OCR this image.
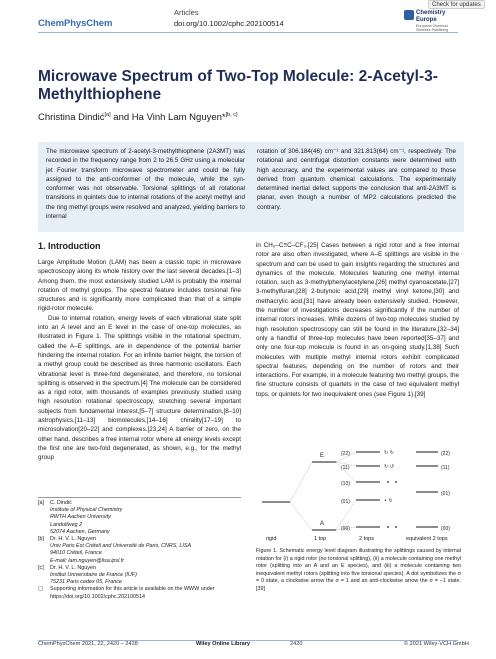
ChemPhysChem
Articles
doi.org/10.1002/cphc.202100514
Chemistry
Europe
European Chemical
Societies Publishing
Check for updates
Microwave Spectrum of Two-Top Molecule: 2-Acetyl-3-Methylthiophene
Christina Dindić[a] and Ha Vinh Lam Nguyen*[b, c]
The microwave spectrum of 2-acetyl-3-methylthiophene (2A3MT) was recorded in the frequency range from 2 to 26.5 GHz using a molecular jet Fourier transform microwave spectrometer and could be fully assigned to the anti-conformer of the molecule, while the syn-conformer was not observable. Torsional splittings of all rotational transitions in quintets due to internal rotations of the acetyl methyl and the ring methyl groups were resolved and analyzed, yielding barriers to internal
rotation of 306.184(46) cm⁻¹ and 321.813(64) cm⁻¹, respectively. The rotational and centrifugal distortion constants were determined with high accuracy, and the experimental values are compared to those derived from quantum chemical calculations. The experimentally determined inertial defect supports the conclusion that anti-2A3MT is planar, even though a number of MP2 calculations predicted the contrary.
1. Introduction

Large Amplitude Motion (LAM) has been a classic topic in microwave spectroscopy along its whole history over the last several decades.[1–3] Among them, the most extensively studied LAM is probably the internal rotation of methyl groups. The spectral feature includes torsional fine structures and is significantly more complicated than that of a simple rigid-rotor molecule.

Due to internal rotation, energy levels of each vibrational state split into an A level and an E level in the case of one-top molecules, as illustrated in Figure 1. The splittings visible in the rotational spectrum, called the A–E splittings, are in dependence of the potential barrier hindering the internal rotation. For an infinite barrier height, the torsion of a methyl group could be described as three harmonic oscillators. Each vibrational level is three-fold degenerated, and therefore, no torsional splitting is observed in the spectrum.[4] The molecule can be considered as a rigid rotor, with thousands of examples previously studied using high resolution rotational spectroscopy, stretching several important subjects from fundamental interest,[5–7] structure determination,[8–10] astrophysics,[11–13] biomolecules,[14–16] chirality[17–19] to microsolvation[20–22] and complexes.[23,24] A barrier of zero, on the other hand, describes a free internal rotor where all energy levels except the first one are two-fold degenerated, as shown, e.g., for the methyl group

in CH₃–C≡C–CF₃.[25] Cases between a rigid rotor and a free internal rotor are also often investigated, where A–E splittings are visible in the spectrum and can be used to gain insights regarding the structures and dynamics of the molecule. Molecules featuring one methyl internal rotation, such as 3-methylphenylacetylene,[26] methyl cyanoacetate,[27] 3-methylfuran,[28] 2-butynoic acid,[29] methyl vinyl ketone,[30] and methacrylic acid,[31] have already been extensively studied. However, the number of investigations decreases significantly if the number of internal rotors increases. While dozens of two-top molecules studied by high resolution spectroscopy can still be found in the literature,[32–34] only a handful of three-top molecules have been reported[35–37] and only one four-top molecule is found in an on-going study.[1,38] Such molecules with multiple methyl internal rotors exhibit complicated spectral features, depending on the number of rotors and their interactions. For example, in a molecule featuring two methyl groups, the fine structure consists of quartets in the case of two equivalent methyl tops, or quintets for two inequivalent ones (see Figure 1).[39]

[a]	C. Dindić
Institute of Physical Chemistry
RWTH Aachen University
Landoltweg 2
52074 Aachen, Germany
[b]	Dr. H. V. L. Nguyen
Univ Paris Est Créteil and Université de Paris, CNRS, LISA
94010 Créteil, France
E-mail: lam.nguyen@lisa.ipsl.fr
[c]	Dr. H. V. L. Nguyen
Institut Universitaire de France (IUF)
75231 Paris cedex 05, France
▢	Supporting information for this article is available on the WWW under https://doi.org/10.1002/cphc.202100514
E
A
(22)
(11)
(10)
(01)
(00)
↻ ↻
↻ ↺
• ↻
(22)
(11)
(01)
(00)
rigid	1 top	2 tops	equivalent 2 tops
Figure 1. Schematic energy level diagram illustrating the splittings caused by internal rotation for (i) a rigid rotor (no torsional splitting), (ii) a molecule containing one methyl rotor (splitting into an A and an E species), and (iii) a molecule containing two inequivalent methyl rotors (splitting into five torsional species). A dot symbolizes the σ = 0 state, a clockwise arrow the σ = 1 and an anti-clockwise arrow the σ = −1 state.[39]
ChemPhysChem 2021, 22, 2420 – 2428	Wiley Online Library	2420	© 2021 Wiley-VCH GmbH
